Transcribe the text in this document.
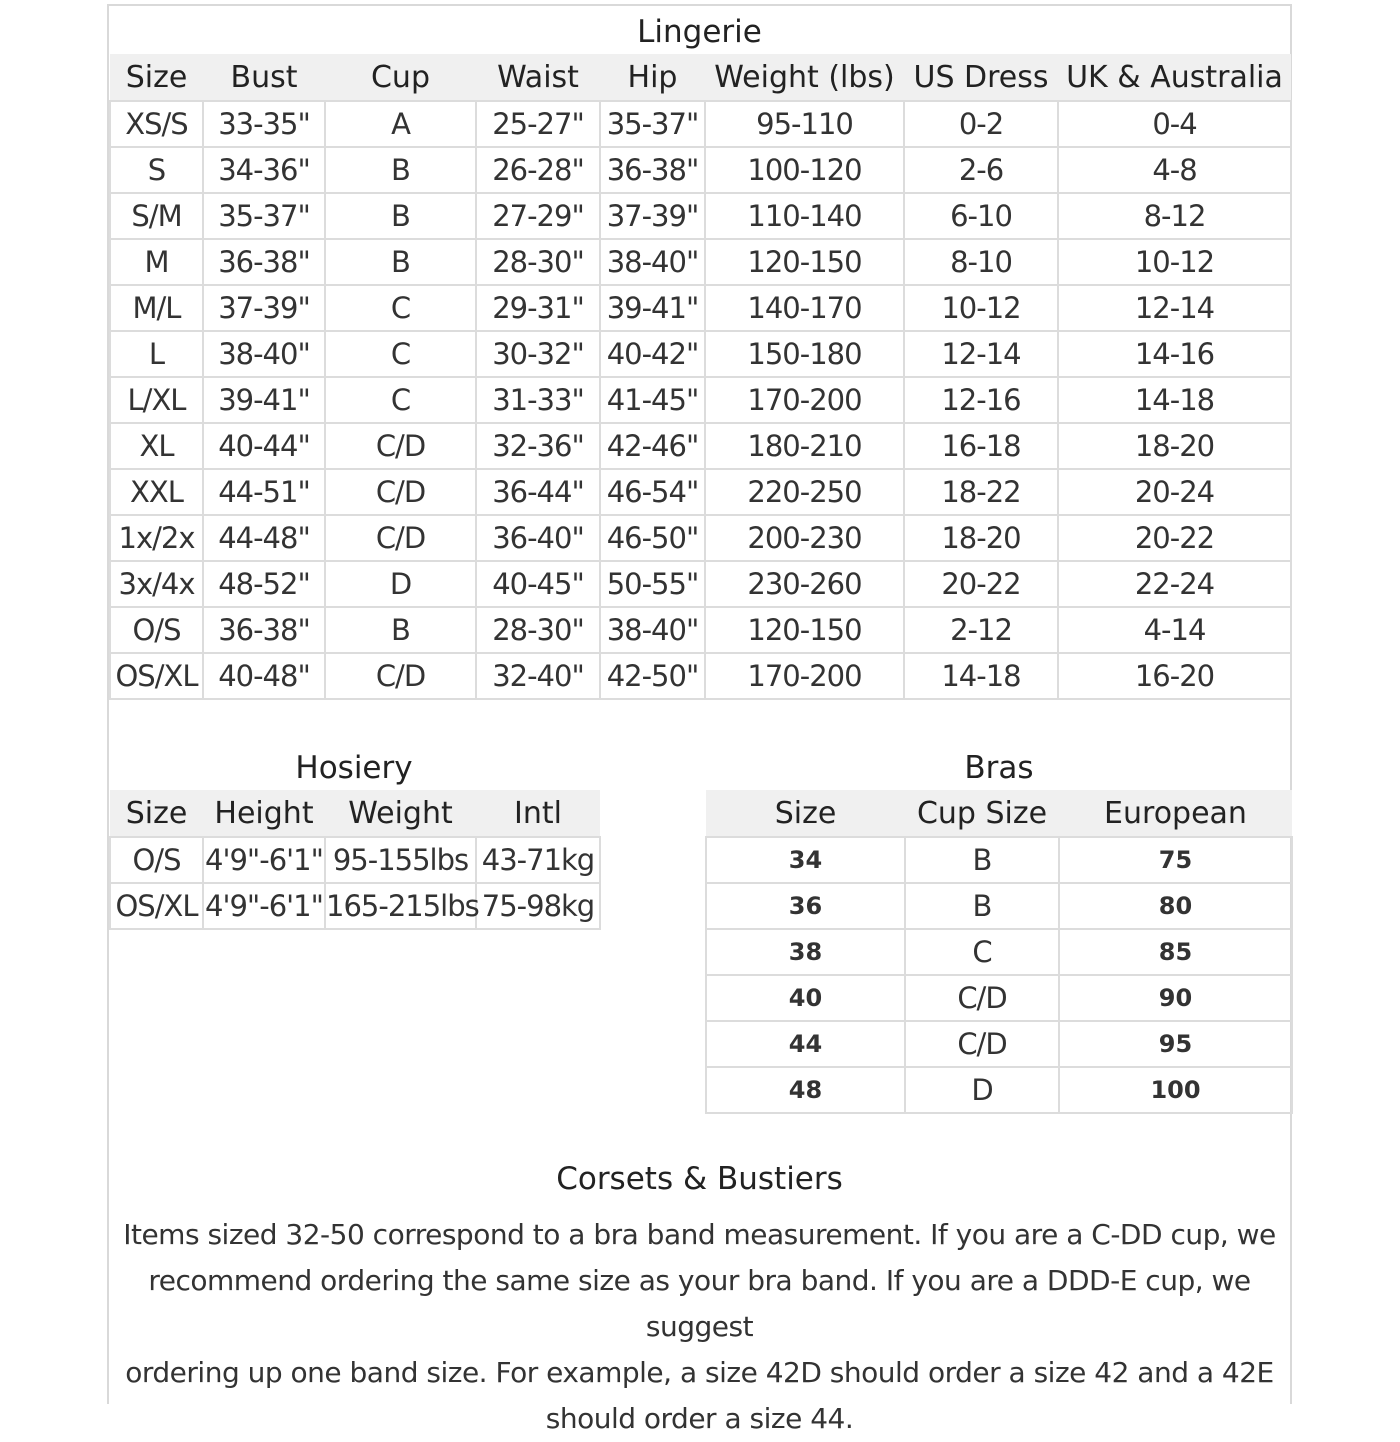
Lingerie
Size	Bust	Cup	Waist	Hip	Weight (lbs)	US Dress	UK & Australia
XS/S	33-35"	A	25-27"	35-37"	95-110	0-2	0-4
S	34-36"	B	26-28"	36-38"	100-120	2-6	4-8
S/M	35-37"	B	27-29"	37-39"	110-140	6-10	8-12
M	36-38"	B	28-30"	38-40"	120-150	8-10	10-12
M/L	37-39"	C	29-31"	39-41"	140-170	10-12	12-14
L	38-40"	C	30-32"	40-42"	150-180	12-14	14-16
L/XL	39-41"	C	31-33"	41-45"	170-200	12-16	14-18
XL	40-44"	C/D	32-36"	42-46"	180-210	16-18	18-20
XXL	44-51"	C/D	36-44"	46-54"	220-250	18-22	20-24
1x/2x	44-48"	C/D	36-40"	46-50"	200-230	18-20	20-22
3x/4x	48-52"	D	40-45"	50-55"	230-260	20-22	22-24
O/S	36-38"	B	28-30"	38-40"	120-150	2-12	4-14
OS/XL	40-48"	C/D	32-40"	42-50"	170-200	14-18	16-20
Hosiery
Size	Height	Weight	Intl
O/S	4'9"-6'1"	95-155lbs	43-71kg
OS/XL	4'9"-6'1"	165-215lbs	75-98kg
Bras
Size	Cup Size	European
34	B	75
36	B	80
38	C	85
40	C/D	90
44	C/D	95
48	D	100
Corsets & Bustiers
Items sized 32-50 correspond to a bra band measurement. If you are a C-DD cup, we
recommend ordering the same size as your bra band. If you are a DDD-E cup, we suggest
ordering up one band size. For example, a size 42D should order a size 42 and a 42E
should order a size 44.
